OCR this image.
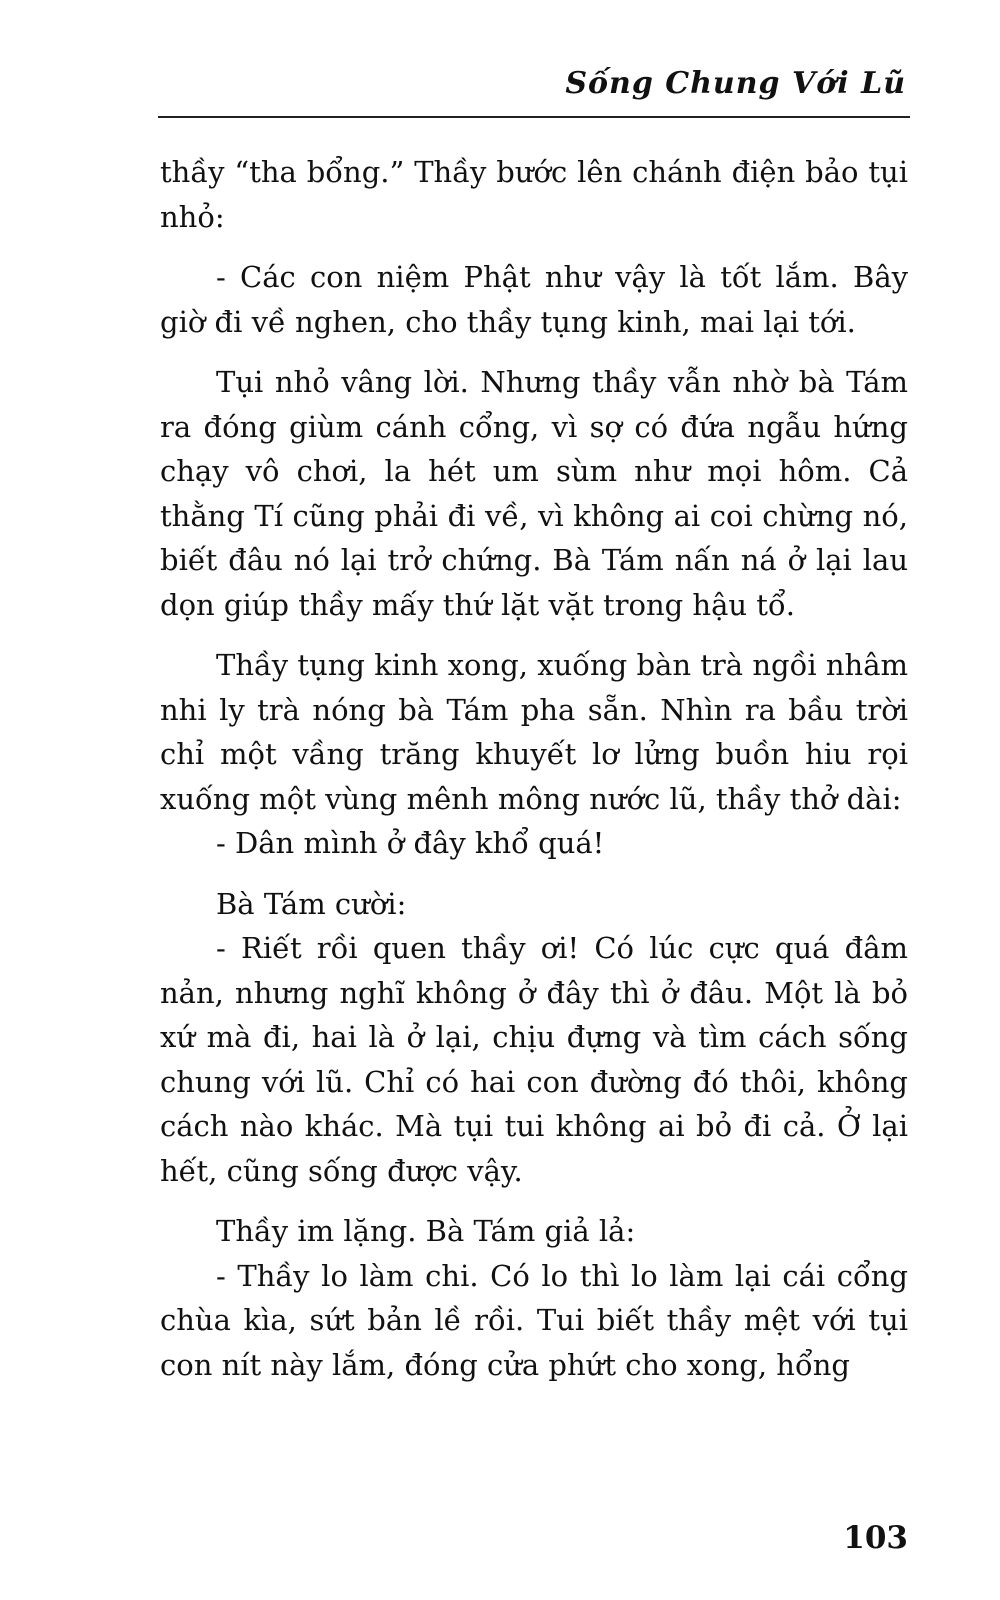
Sống Chung Với Lũ

thầy “tha bổng.” Thầy bước lên chánh điện bảo tụi nhỏ:

- Các con niệm Phật như vậy là tốt lắm. Bây giờ đi về nghen, cho thầy tụng kinh, mai lại tới.

Tụi nhỏ vâng lời. Nhưng thầy vẫn nhờ bà Tám ra đóng giùm cánh cổng, vì sợ có đứa ngẫu hứng chạy vô chơi, la hét um sùm như mọi hôm. Cả thằng Tí cũng phải đi về, vì không ai coi chừng nó, biết đâu nó lại trở chứng. Bà Tám nấn ná ở lại lau dọn giúp thầy mấy thứ lặt vặt trong hậu tổ.

Thầy tụng kinh xong, xuống bàn trà ngồi nhâm nhi ly trà nóng bà Tám pha sẵn. Nhìn ra bầu trời chỉ một vầng trăng khuyết lơ lửng buồn hiu rọi xuống một vùng mênh mông nước lũ, thầy thở dài:

- Dân mình ở đây khổ quá!

Bà Tám cười:

- Riết rồi quen thầy ơi! Có lúc cực quá đâm nản, nhưng nghĩ không ở đây thì ở đâu. Một là bỏ xứ mà đi, hai là ở lại, chịu đựng và tìm cách sống chung với lũ. Chỉ có hai con đường đó thôi, không cách nào khác. Mà tụi tui không ai bỏ đi cả. Ở lại hết, cũng sống được vậy.

Thầy im lặng. Bà Tám giả lả:

- Thầy lo làm chi. Có lo thì lo làm lại cái cổng chùa kìa, sứt bản lề rồi. Tui biết thầy mệt với tụi con nít này lắm, đóng cửa phứt cho xong, hổng

103
